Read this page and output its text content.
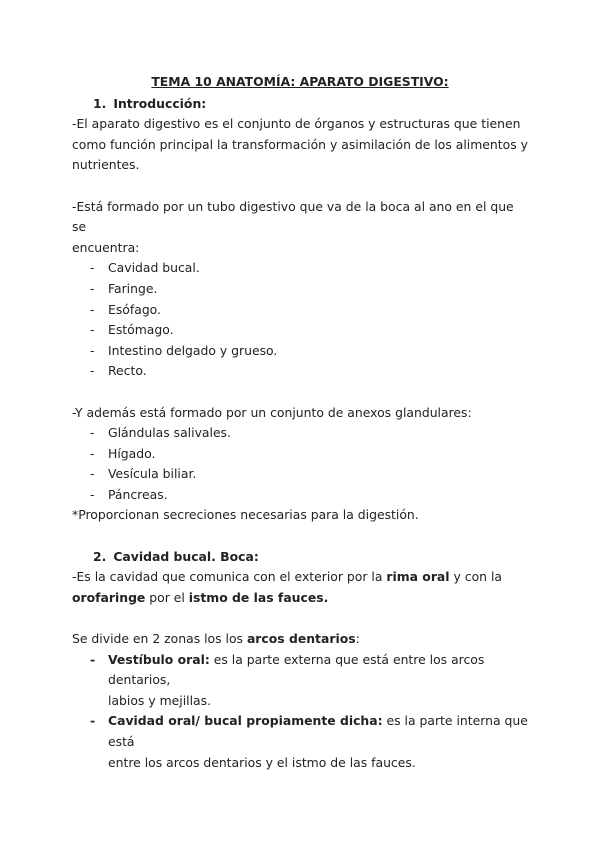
TEMA 10 ANATOMÍA: APARATO DIGESTIVO:

1. Introducción:

-El aparato digestivo es el conjunto de órganos y estructuras que tienen

como función principal la transformación y asimilación de los alimentos y

nutrientes.

-Está formado por un tubo digestivo que va de la boca al ano en el que se

encuentra:

- Cavidad bucal.
- Faringe.
- Esófago.
- Estómago.
- Intestino delgado y grueso.
- Recto.

-Y además está formado por un conjunto de anexos glandulares:

- Glándulas salivales.
- Hígado.
- Vesícula biliar.
- Páncreas.

*Proporcionan secreciones necesarias para la digestión.

2. Cavidad bucal. Boca:

-Es la cavidad que comunica con el exterior por la rima oral y con la

orofaringe por el istmo de las fauces.

Se divide en 2 zonas los los arcos dentarios:

- Vestíbulo oral: es la parte externa que está entre los arcos dentarios,
labios y mejillas.
- Cavidad oral/ bucal propiamente dicha: es la parte interna que está
entre los arcos dentarios y el istmo de las fauces.
